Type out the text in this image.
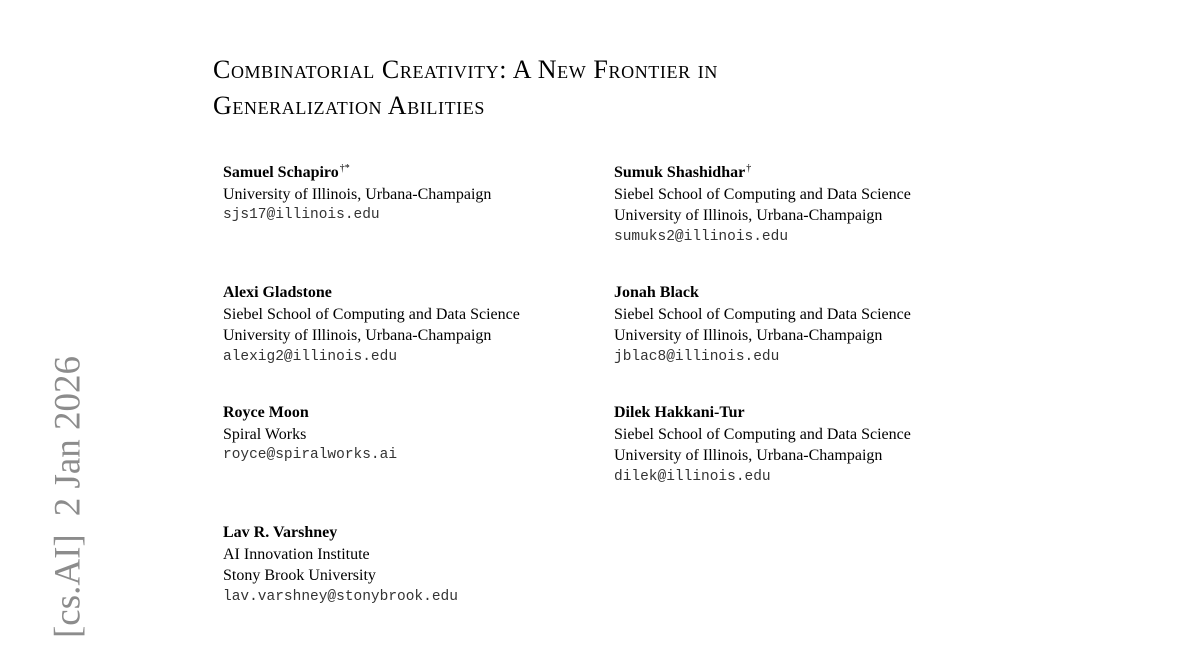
[cs.AI]2 Jan 2026
Combinatorial Creativity: A New Frontier in
Generalization Abilities
Samuel Schapiro†*
University of Illinois, Urbana-Champaign
sjs17@illinois.edu
Sumuk Shashidhar†
Siebel School of Computing and Data Science
University of Illinois, Urbana-Champaign
sumuks2@illinois.edu
Alexi Gladstone
Siebel School of Computing and Data Science
University of Illinois, Urbana-Champaign
alexig2@illinois.edu
Jonah Black
Siebel School of Computing and Data Science
University of Illinois, Urbana-Champaign
jblac8@illinois.edu
Royce Moon
Spiral Works
royce@spiralworks.ai
Dilek Hakkani-Tur
Siebel School of Computing and Data Science
University of Illinois, Urbana-Champaign
dilek@illinois.edu
Lav R. Varshney
AI Innovation Institute
Stony Brook University
lav.varshney@stonybrook.edu
